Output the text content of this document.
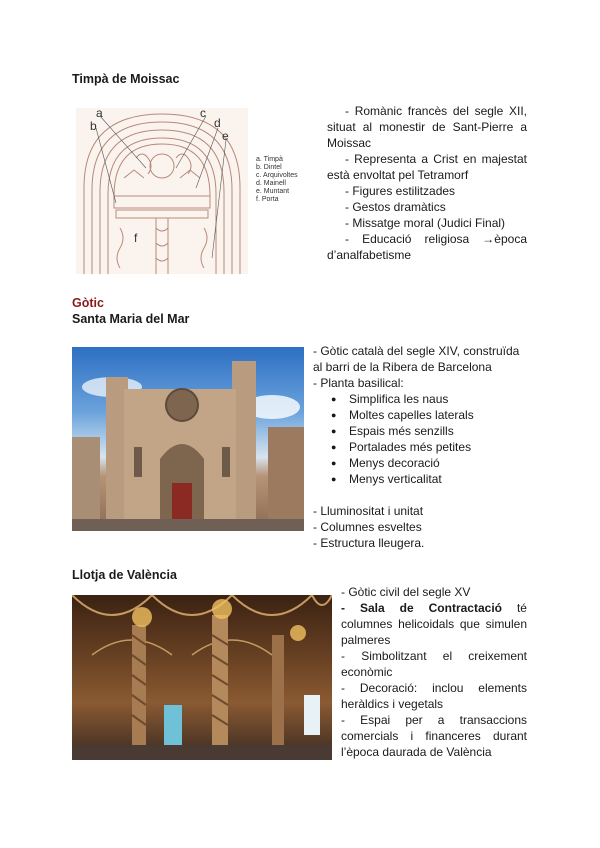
Timpà de Moissac
a
b
c
d
e
f
a. Timpà
b. Dintel
c. Arquivoltes
d. Mainell
e. Muntant
f. Porta
- Romànic francès del segle XII, situat al monestir de Sant-Pierre a Moissac
- Representa a Crist en majestat està envoltat pel Tetramorf
- Figures estilitzades
- Gestos dramàtics
- Missatge moral (Judici Final)
- Educació religiosa →època d’analfabetisme
Gòtic
Santa Maria del Mar
- Gòtic català del segle XIV, construïda al barri de la Ribera de Barcelona
- Planta basilical:
● Simplifica les naus
● Moltes capelles laterals
● Espais més senzills
● Portalades més petites
● Menys decoració
● Menys verticalitat
- Lluminositat i unitat
- Columnes esveltes
- Estructura lleugera.
Llotja de València
- Gòtic civil del segle XV
- Sala de Contractació té columnes helicoidals que simulen palmeres
- Simbolitzant el creixement econòmic
- Decoració: inclou elements heràldics i vegetals
- Espai per a transaccions comercials i financeres durant l’època daurada de València
